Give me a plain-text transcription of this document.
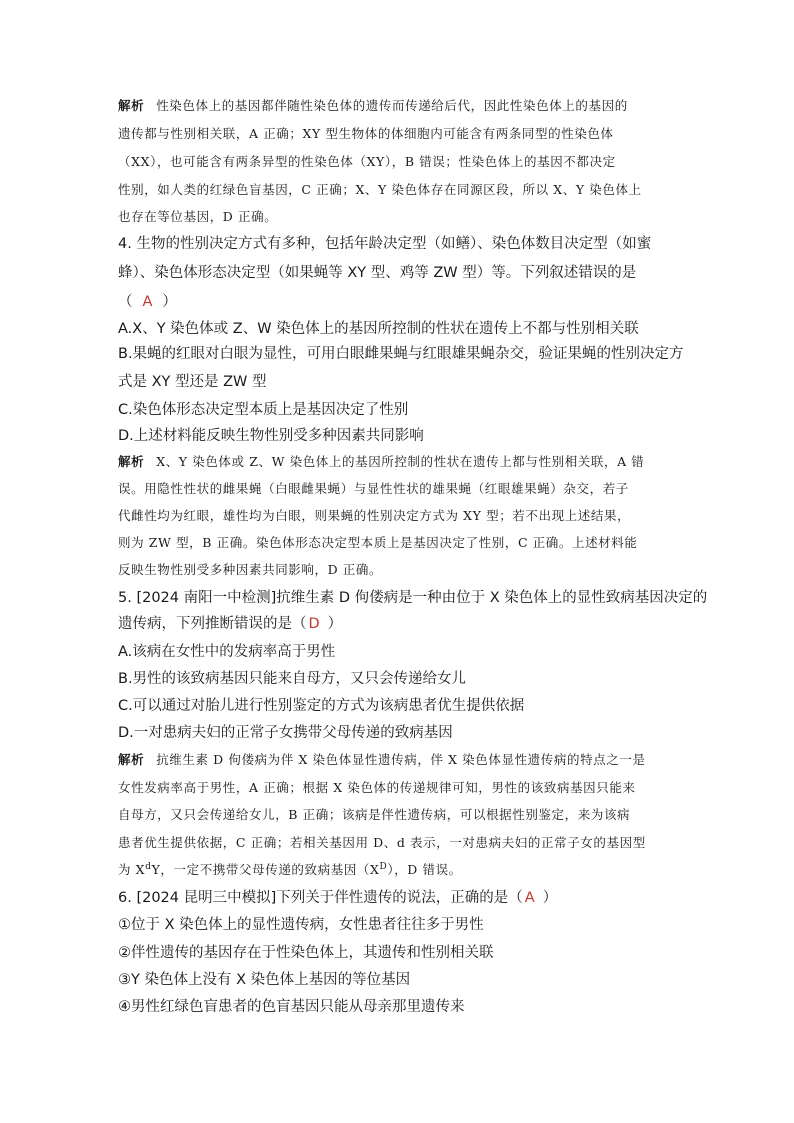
解析 性染色体上的基因都伴随性染色体的遗传而传递给后代，因此性染色体上的基因的

遗传都与性别相关联，A 正确；XY 型生物体的体细胞内可能含有两条同型的性染色体

（XX），也可能含有两条异型的性染色体（XY），B 错误；性染色体上的基因不都决定

性别，如人类的红绿色盲基因，C 正确；X、Y 染色体存在同源区段，所以 X、Y 染色体上

也存在等位基因，D 正确。

4. 生物的性别决定方式有多种，包括年龄决定型（如鳝）、染色体数目决定型（如蜜

蜂）、染色体形态决定型（如果蝇等 XY 型、鸡等 ZW 型）等。下列叙述错误的是

（ A ）

A.X、Y 染色体或 Z、W 染色体上的基因所控制的性状在遗传上不都与性别相关联

B.果蝇的红眼对白眼为显性，可用白眼雌果蝇与红眼雄果蝇杂交，验证果蝇的性别决定方

式是 XY 型还是 ZW 型

C.染色体形态决定型本质上是基因决定了性别

D.上述材料能反映生物性别受多种因素共同影响

解析 X、Y 染色体或 Z、W 染色体上的基因所控制的性状在遗传上都与性别相关联，A 错

误。用隐性性状的雌果蝇（白眼雌果蝇）与显性性状的雄果蝇（红眼雄果蝇）杂交，若子

代雌性均为红眼，雄性均为白眼，则果蝇的性别决定方式为 XY 型；若不出现上述结果，

则为 ZW 型，B 正确。染色体形态决定型本质上是基因决定了性别，C 正确。上述材料能

反映生物性别受多种因素共同影响，D 正确。

5. [2024 南阳一中检测]抗维生素 D 佝偻病是一种由位于 X 染色体上的显性致病基因决定的

遗传病，下列推断错误的是（ D ）

A.该病在女性中的发病率高于男性

B.男性的该致病基因只能来自母方，又只会传递给女儿

C.可以通过对胎儿进行性别鉴定的方式为该病患者优生提供依据

D.一对患病夫妇的正常子女携带父母传递的致病基因

解析 抗维生素 D 佝偻病为伴 X 染色体显性遗传病，伴 X 染色体显性遗传病的特点之一是

女性发病率高于男性，A 正确；根据 X 染色体的传递规律可知，男性的该致病基因只能来

自母方，又只会传递给女儿，B 正确；该病是伴性遗传病，可以根据性别鉴定，来为该病

患者优生提供依据，C 正确；若相关基因用 D、d 表示，一对患病夫妇的正常子女的基因型

为 $X^dY$，一定不携带父母传递的致病基因$(X^D)$，D 错误。

6. [2024 昆明三中模拟]下列关于伴性遗传的说法，正确的是（ A ）

①位于 X 染色体上的显性遗传病，女性患者往往多于男性

②伴性遗传的基因存在于性染色体上，其遗传和性别相关联

③Y 染色体上没有 X 染色体上基因的等位基因

④男性红绿色盲患者的色盲基因只能从母亲那里遗传来
